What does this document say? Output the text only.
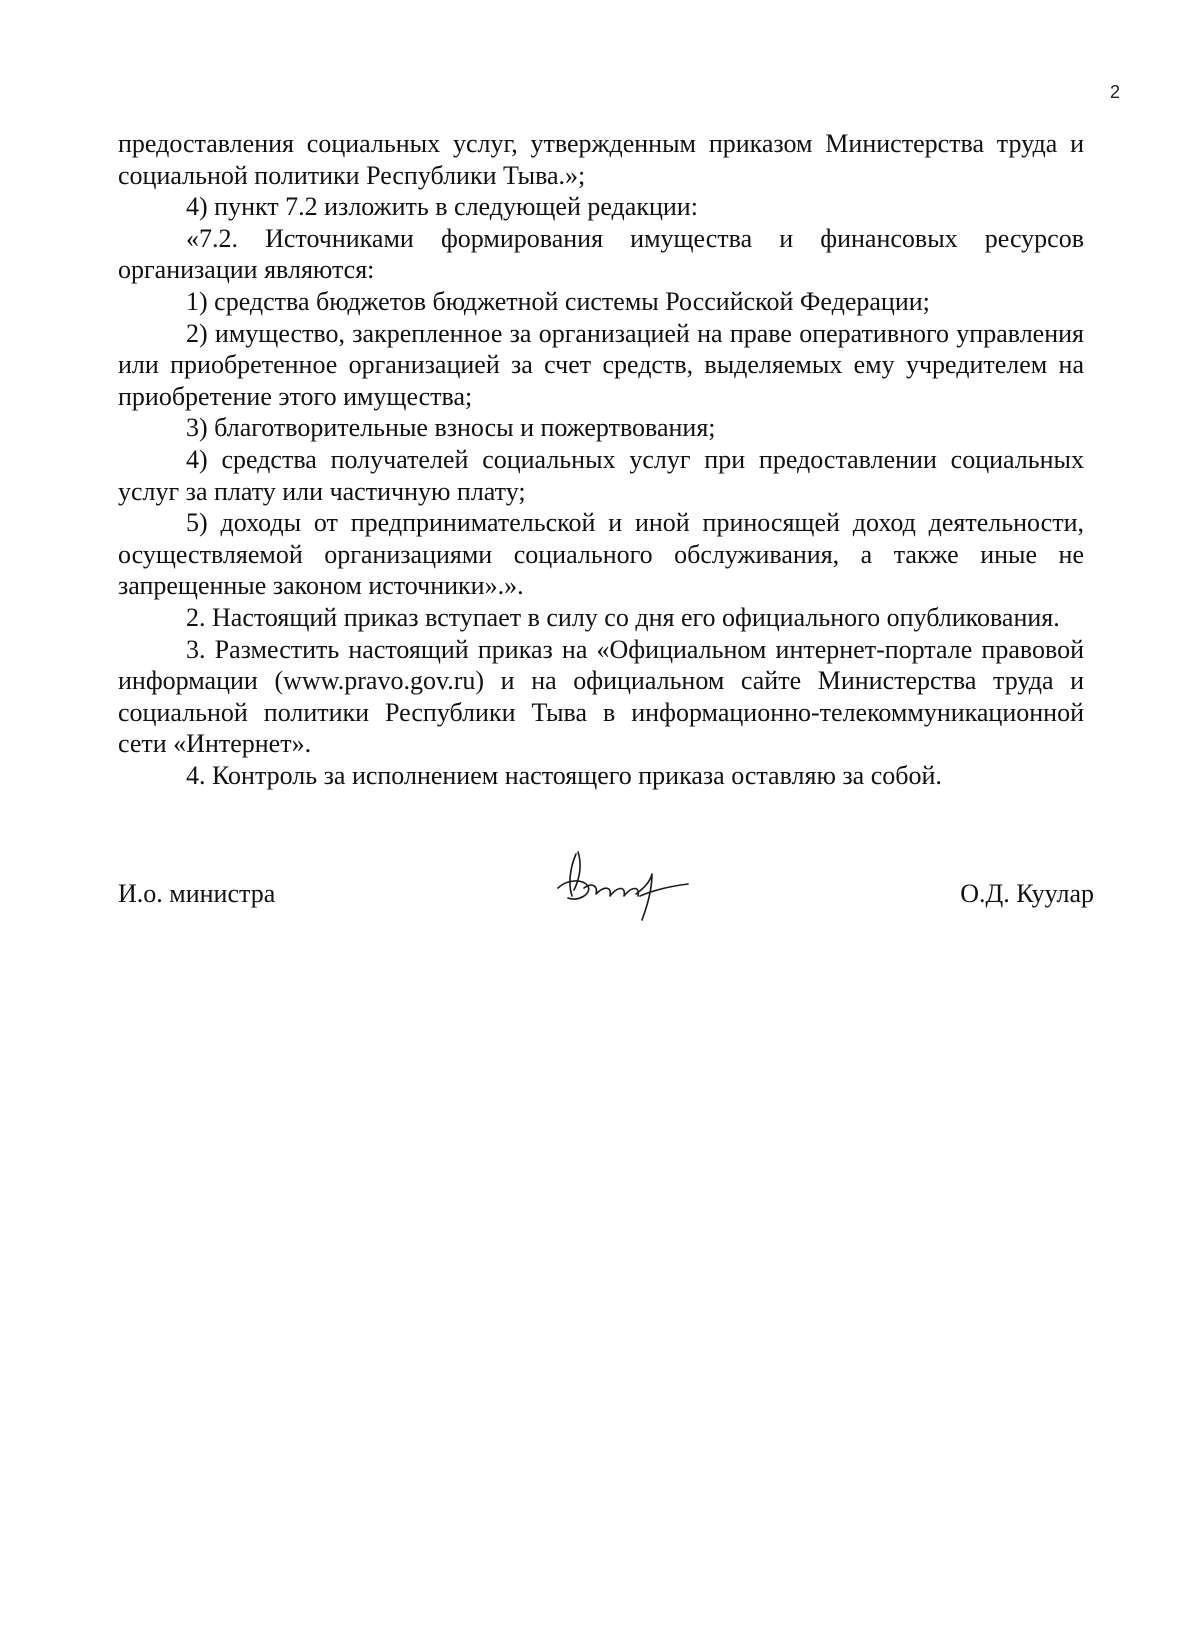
2

предоставления социальных услуг, утвержденным приказом Министерства труда и социальной политики Республики Тыва.»;

4) пункт 7.2 изложить в следующей редакции:

«7.2. Источниками формирования имущества и финансовых ресурсов организации являются:

1) средства бюджетов бюджетной системы Российской Федерации;

2) имущество, закрепленное за организацией на праве оперативного управления или приобретенное организацией за счет средств, выделяемых ему учредителем на приобретение этого имущества;

3) благотворительные взносы и пожертвования;

4) средства получателей социальных услуг при предоставлении социальных услуг за плату или частичную плату;

5) доходы от предпринимательской и иной приносящей доход деятельности, осуществляемой организациями социального обслуживания, а также иные не запрещенные законом источники».».

2. Настоящий приказ вступает в силу со дня его официального опубликования.

3. Разместить настоящий приказ на «Официальном интернет-портале правовой информации (www.pravo.gov.ru) и на официальном сайте Министерства труда и социальной политики Республики Тыва в информационно-телекоммуникационной сети «Интернет».

4. Контроль за исполнением настоящего приказа оставляю за собой.

И.о. министра	О.Д. Куулар
